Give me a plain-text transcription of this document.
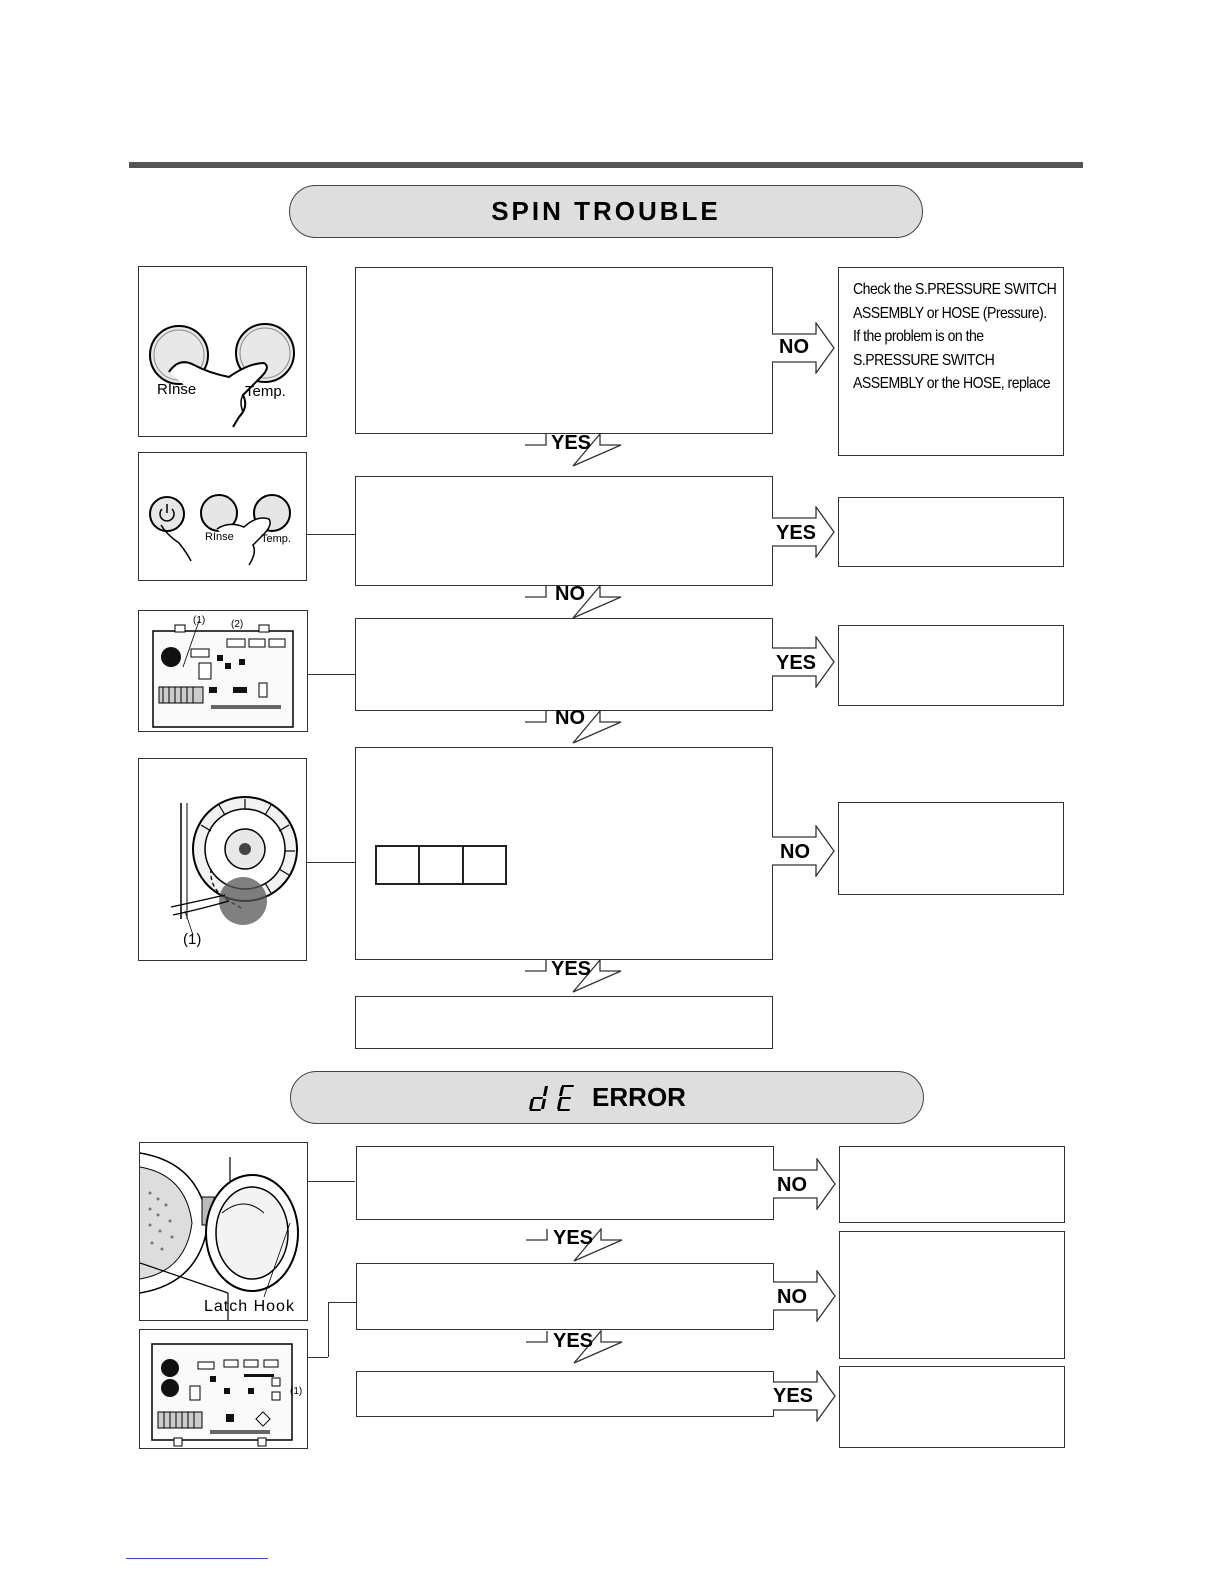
SPIN TROUBLE
RInse	Temp.
NO
Check the S.PRESSURE SWITCH
ASSEMBLY or HOSE (Pressure).
If the problem is on the
S.PRESSURE SWITCH
ASSEMBLY or the HOSE, replace
YES
RInse Temp.	YES
NO
(1)	(2)
YES
NO
(1)
NO
YES
ERROR
Latch Hook
NO
YES
NO
YES
(1)	YES
